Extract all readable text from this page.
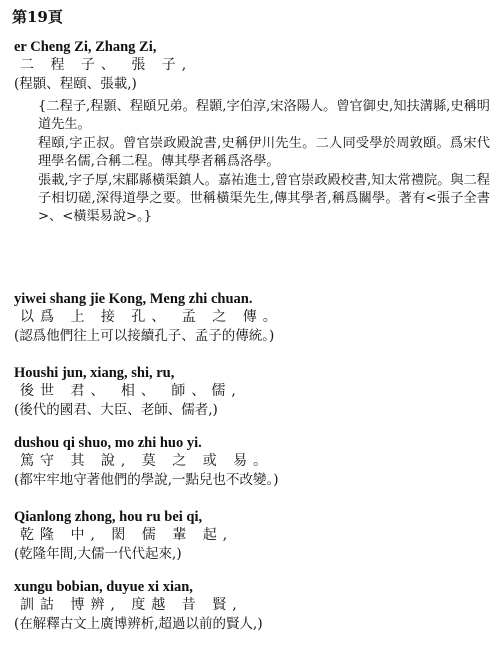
第19頁
er Cheng Zi, Zhang Zi,
二 程 子、 張 子,
(程顥、程頤、張載,)

{二程子,程顥、程頤兄弟。程顥,字伯淳,宋洛陽人。曾官御史,知扶溝縣,史稱明道先生。

程頤,字正叔。曾官崇政殿說書,史稱伊川先生。二人同受學於周敦頤。爲宋代理學名儒,合稱二程。傳其學者稱爲洛學。

張載,字子厚,宋郿縣橫渠鎮人。嘉祐進士,曾官崇政殿校書,知太常禮院。與二程子相切磋,深得道學之要。世稱橫渠先生,傳其學者,稱爲關學。著有<張子全書>、<橫渠易說>。}

yiwei shang jie Kong, Meng zhi chuan.
以爲 上 接 孔、 孟 之 傳。
(認爲他們往上可以接續孔子、孟子的傳統。)
Houshi jun, xiang, shi, ru,
後世 君、 相、 師、儒,
(後代的國君、大臣、老師、儒者,)
dushou qi shuo, mo zhi huo yi.
篤守 其 說, 莫 之 或 易。
(都牢牢地守著他們的學說,一點兒也不改變。)
Qianlong zhong, hou ru bei qi,
乾隆 中, 閎 儒 輩 起,
(乾隆年間,大儒一代代起來,)
xungu bobian, duyue xi xian,
訓詁 博辨, 度越 昔 賢,
(在解釋古文上廣博辨析,超過以前的賢人,)
